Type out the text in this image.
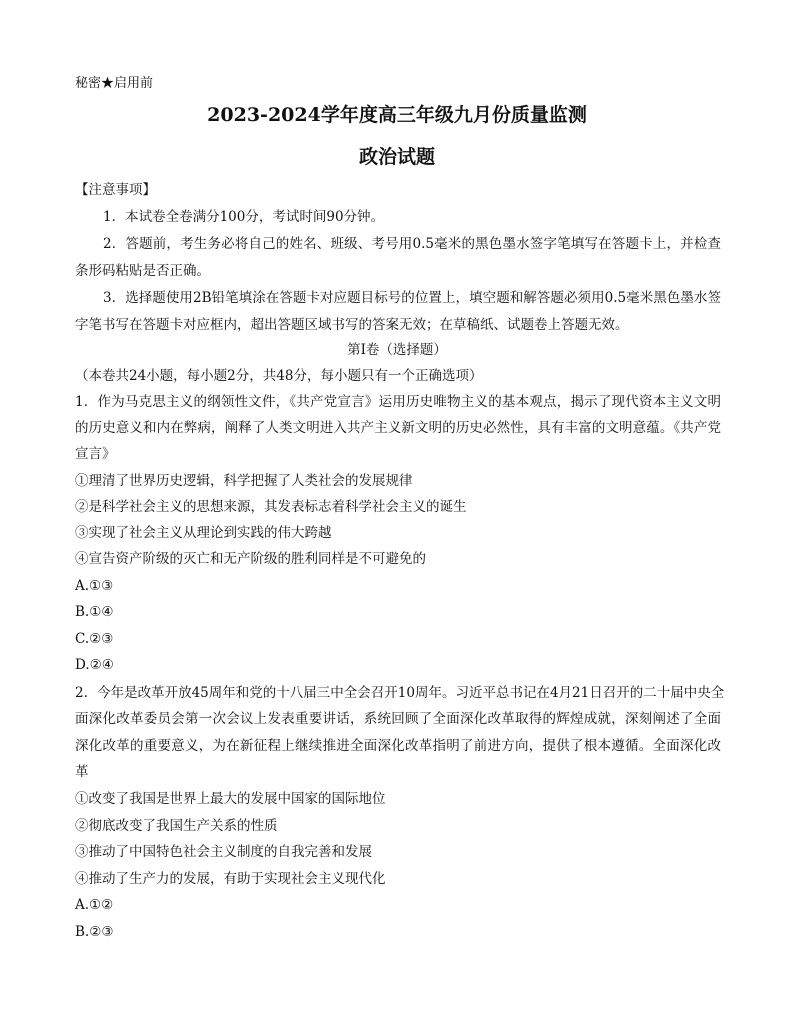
秘密★启用前
2023-2024学年度高三年级九月份质量监测
政治试题
【注意事项】
1．本试卷全卷满分100分，考试时间90分钟。
2．答题前，考生务必将自己的姓名、班级、考号用0.5毫米的黑色墨水签字笔填写在答题卡上，并检查
条形码粘贴是否正确。
3．选择题使用2B铅笔填涂在答题卡对应题目标号的位置上，填空题和解答题必须用0.5毫米黑色墨水签
字笔书写在答题卡对应框内，超出答题区域书写的答案无效；在草稿纸、试题卷上答题无效。
第Ⅰ卷（选择题）
（本卷共24小题，每小题2分，共48分，每小题只有一个正确选项）
1．作为马克思主义的纲领性文件，《共产党宣言》运用历史唯物主义的基本观点，揭示了现代资本主义文明
的历史意义和内在弊病，阐释了人类文明进入共产主义新文明的历史必然性，具有丰富的文明意蕴。《共产党
宣言》
①理清了世界历史逻辑，科学把握了人类社会的发展规律
②是科学社会主义的思想来源，其发表标志着科学社会主义的诞生
③实现了社会主义从理论到实践的伟大跨越
④宣告资产阶级的灭亡和无产阶级的胜利同样是不可避免的
A.①③
B.①④
C.②③
D.②④
2．今年是改革开放45周年和党的十八届三中全会召开10周年。习近平总书记在4月21日召开的二十届中央全
面深化改革委员会第一次会议上发表重要讲话，系统回顾了全面深化改革取得的辉煌成就，深刻阐述了全面
深化改革的重要意义，为在新征程上继续推进全面深化改革指明了前进方向，提供了根本遵循。全面深化改
革
①改变了我国是世界上最大的发展中国家的国际地位
②彻底改变了我国生产关系的性质
③推动了中国特色社会主义制度的自我完善和发展
④推动了生产力的发展，有助于实现社会主义现代化
A.①②
B.②③
